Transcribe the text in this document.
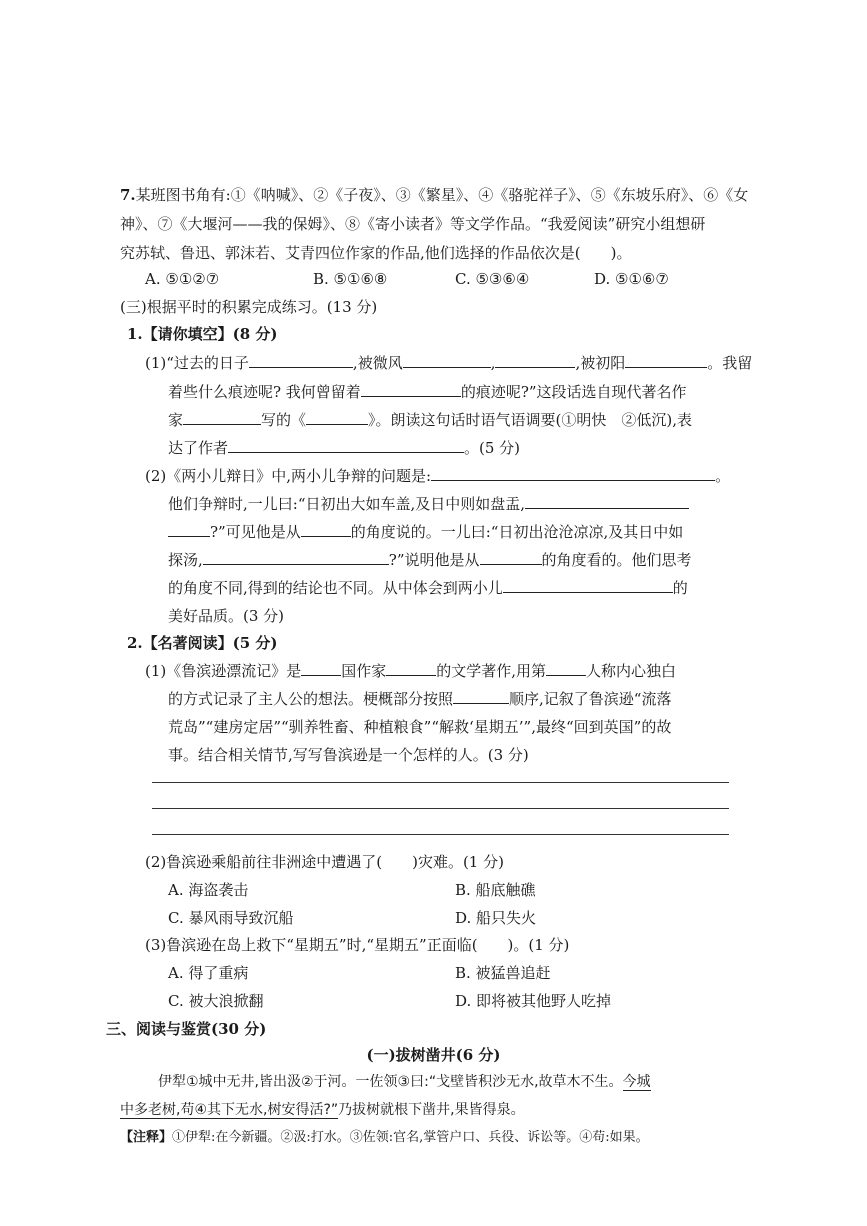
7.某班图书角有:①《呐喊》、②《子夜》、③《繁星》、④《骆驼祥子》、⑤《东坡乐府》、⑥《女
神》、⑦《大堰河——我的保姆》、⑧《寄小读者》等文学作品。“我爱阅读”研究小组想研
究苏轼、鲁迅、郭沫若、艾青四位作家的作品,他们选择的作品依次是(　　)。
A. ⑤①②⑦	B. ⑤①⑥⑧	C. ⑤③⑥④	D. ⑤①⑥⑦
(三)根据平时的积累完成练习。(13 分)
1.【请你填空】(8 分)
(1)“过去的日子	,被微风	,	,被初阳	。我留
着些什么痕迹呢? 我何曾留着	的痕迹呢?”这段话选自现代著名作
家	写的《	》。朗读这句话时语气语调要(①明快　②低沉),表
达了作者	。(5 分)
(2)《两小儿辩日》中,两小儿争辩的问题是:	。
他们争辩时,一儿曰:“日初出大如车盖,及日中则如盘盂,
?”可见他是从	的角度说的。一儿曰:“日初出沧沧凉凉,及其日中如
探汤,	?”说明他是从	的角度看的。他们思考
的角度不同,得到的结论也不同。从中体会到两小儿	的
美好品质。(3 分)
2.【名著阅读】(5 分)
(1)《鲁滨逊漂流记》是	国作家	的文学著作,用第	人称内心独白
的方式记录了主人公的想法。梗概部分按照	顺序,记叙了鲁滨逊“流落
荒岛”“建房定居”“驯养牲畜、种植粮食”“解救‘星期五’”,最终“回到英国”的故
事。结合相关情节,写写鲁滨逊是一个怎样的人。(3 分)
(2)鲁滨逊乘船前往非洲途中遭遇了(　　)灾难。(1 分)
A. 海盗袭击	B. 船底触礁
C. 暴风雨导致沉船	D. 船只失火
(3)鲁滨逊在岛上救下“星期五”时,“星期五”正面临(　　)。(1 分)
A. 得了重病	B. 被猛兽追赶
C. 被大浪掀翻	D. 即将被其他野人吃掉
三、阅读与鉴赏(30 分)
(一)拔树凿井(6 分)
伊犁①城中无井,皆出汲②于河。一佐领③曰:“戈壁皆积沙无水,故草木不生。今城
中多老树,苟④其下无水,树安得活?”乃拔树就根下凿井,果皆得泉。
【注释】①伊犁:在今新疆。②汲:打水。③佐领:官名,掌管户口、兵役、诉讼等。④苟:如果。
